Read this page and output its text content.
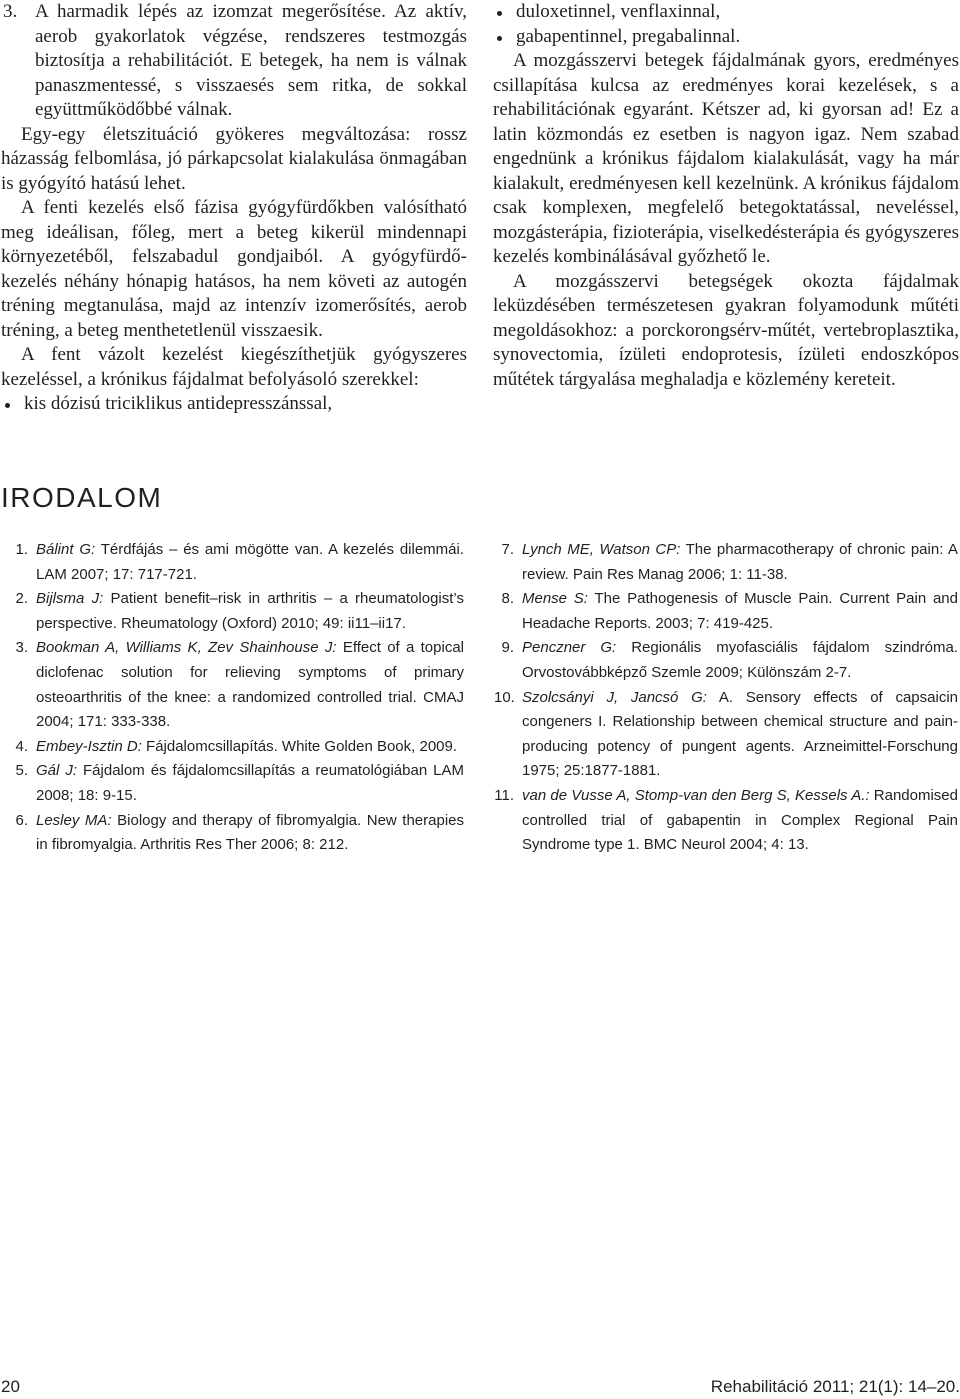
3. A harmadik lépés az izomzat megerősítése. Az aktív, aerob gyakorlatok végzése, rendszeres testmozgás biztosítja a rehabilitációt. E betegek, ha nem is válnak panaszmentessé, s visszaesés sem ritka, de sokkal együttműködőbbé válnak.

Egy-egy életszituáció gyökeres megváltozása: rossz házasság felbomlása, jó párkapcsolat kialakulása önmagában is gyógyító hatású lehet.

A fenti kezelés első fázisa gyógyfürdőkben valósítható meg ideálisan, főleg, mert a beteg kikerül mindennapi környezetéből, felszabadul gondjaiból. A gyógyfürdő-kezelés néhány hónapig hatásos, ha nem követi az autogén tréning megtanulása, majd az intenzív izomerősítés, aerob tréning, a beteg menthetetlenül visszaesik.

A fent vázolt kezelést kiegészíthetjük gyógyszeres kezeléssel, a krónikus fájdalmat befolyásoló szerekkel:

kis dózisú triciklikus antidepresszánssal,
duloxetinnel, venflaxinnal,
gabapentinnel, pregabalinnal.

A mozgásszervi betegek fájdalmának gyors, eredményes csillapítása kulcsa az eredményes korai kezelések, s a rehabilitációnak egyaránt. Kétszer ad, ki gyorsan ad! Ez a latin közmondás ez esetben is nagyon igaz. Nem szabad engednünk a krónikus fájdalom kialakulását, vagy ha már kialakult, eredményesen kell kezelnünk. A krónikus fájdalom csak komplexen, megfelelő betegoktatással, neveléssel, mozgásterápia, fizioterápia, viselkedésterápia és gyógyszeres kezelés kombinálásával győzhető le.

A mozgásszervi betegségek okozta fájdalmak leküzdésében természetesen gyakran folyamodunk műtéti megoldásokhoz: a porckorongsérv-műtét, vertebroplasztika, synovectomia, ízületi endoprotesis, ízületi endoszkópos műtétek tárgyalása meghaladja e közlemény kereteit.

IRODALOM
1. Bálint G: Térdfájás – és ami mögötte van. A kezelés dilemmái. LAM 2007; 17: 717-721.
2. Bijlsma J: Patient benefit–risk in arthritis – a rheumatologist’s perspective. Rheumatology (Oxford) 2010; 49: ii11–ii17.
3. Bookman A, Williams K, Zev Shainhouse J: Effect of a topical diclofenac solution for relieving symptoms of primary osteoarthritis of the knee: a randomized controlled trial. CMAJ 2004; 171: 333-338.
4. Embey-Isztin D: Fájdalomcsillapítás. White Golden Book, 2009.
5. Gál J: Fájdalom és fájdalomcsillapítás a reumatológiában LAM 2008; 18: 9-15.
6. Lesley MA: Biology and therapy of fibromyalgia. New therapies in fibromyalgia. Arthritis Res Ther 2006; 8: 212.
7. Lynch ME, Watson CP: The pharmacotherapy of chronic pain: A review. Pain Res Manag 2006; 1: 11-38.
8. Mense S: The Pathogenesis of Muscle Pain. Current Pain and Headache Reports. 2003; 7: 419-425.
9. Penczner G: Regionális myofasciális fájdalom szindróma. Orvostovábbképző Szemle 2009; Különszám 2-7.
10. Szolcsányi J, Jancsó G: A. Sensory effects of capsaicin congeners I. Relationship between chemical structure and pain-producing potency of pungent agents. Arzneimittel-Forschung 1975; 25:1877-1881.
11. van de Vusse A, Stomp-van den Berg S, Kessels A.: Randomised controlled trial of gabapentin in Complex Regional Pain Syndrome type 1. BMC Neurol 2004; 4: 13.
20	Rehabilitáció 2011; 21(1): 14–20.
